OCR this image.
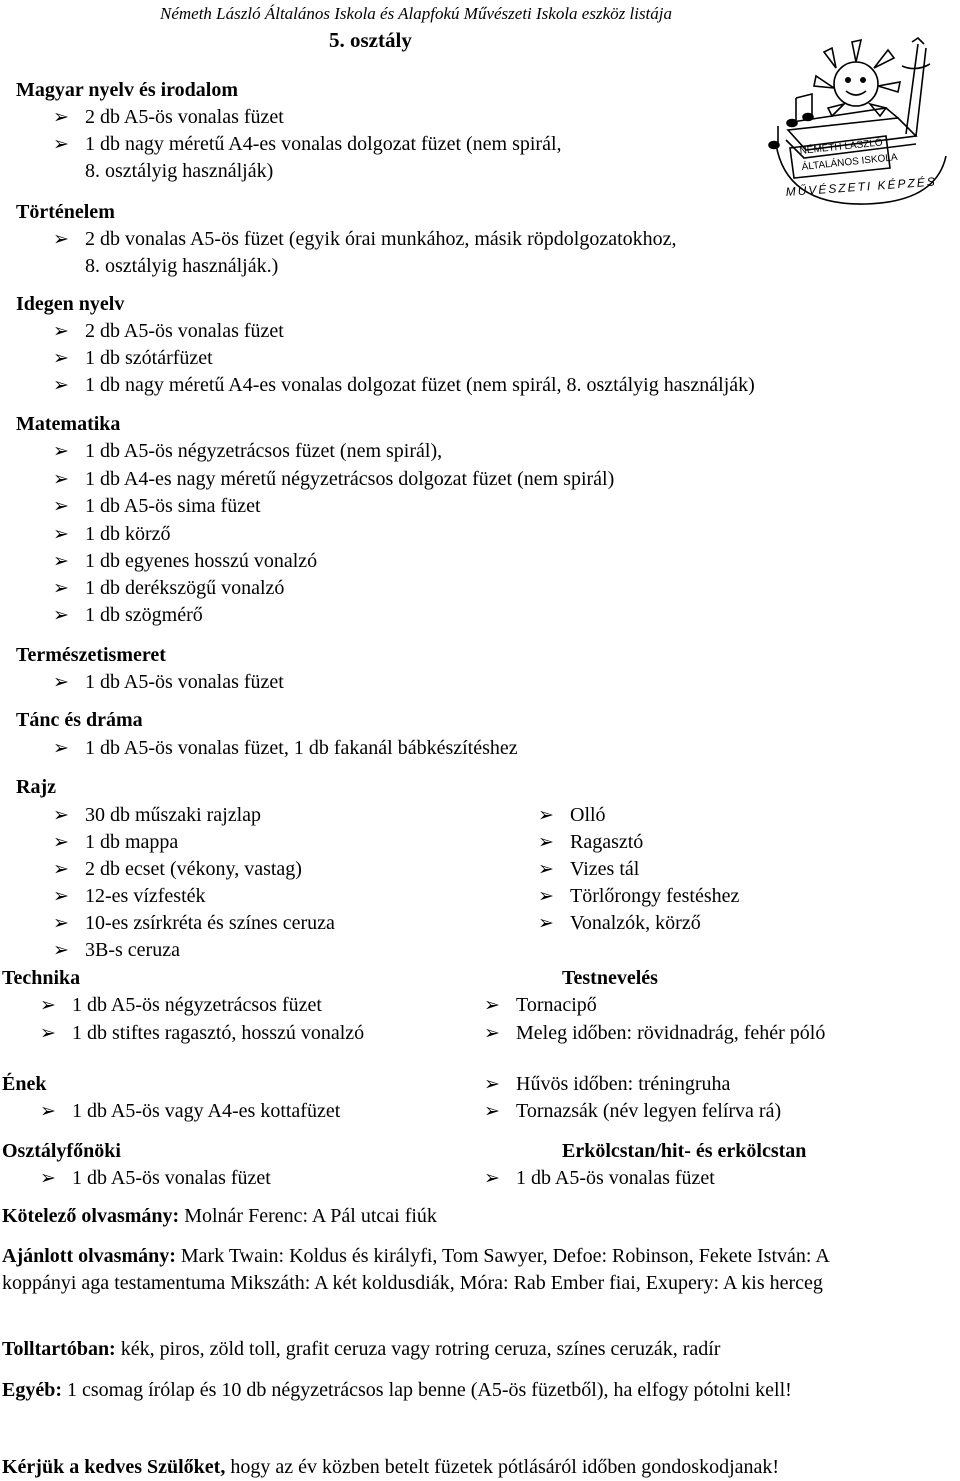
Németh László Általános Iskola és Alapfokú Művészeti Iskola eszköz listája
5. osztály
NÉMETH LÁSZLÓ
ÁLTALÁNOS ISKOLA
MŰVÉSZETI KÉPZÉS
Magyar nyelv és irodalom
➢ 2 db A5-ös vonalas füzet
➢ 1 db nagy méretű A4-es vonalas dolgozat füzet (nem spirál,
8. osztályig használják)
Történelem
➢ 2 db vonalas A5-ös füzet (egyik órai munkához, másik röpdolgozatokhoz,
8. osztályig használják.)
Idegen nyelv
➢ 2 db A5-ös vonalas füzet
➢ 1 db szótárfüzet
➢ 1 db nagy méretű A4-es vonalas dolgozat füzet (nem spirál, 8. osztályig használják)
Matematika
➢ 1 db A5-ös négyzetrácsos füzet (nem spirál),
➢ 1 db A4-es nagy méretű négyzetrácsos dolgozat füzet (nem spirál)
➢ 1 db A5-ös sima füzet
➢ 1 db körző
➢ 1 db egyenes hosszú vonalzó
➢ 1 db derékszögű vonalzó
➢ 1 db szögmérő
Természetismeret
➢ 1 db A5-ös vonalas füzet
Tánc és dráma
➢ 1 db A5-ös vonalas füzet, 1 db fakanál bábkészítéshez
Rajz
➢ 30 db műszaki rajzlap
➢ 1 db mappa
➢ 2 db ecset (vékony, vastag)
➢ 12-es vízfesték
➢ 10-es zsírkréta és színes ceruza
➢ 3B-s ceruza
➢ Olló
➢ Ragasztó
➢ Vizes tál
➢ Törlőrongy festéshez
➢ Vonalzók, körző
Technika	Testnevelés
➢ 1 db A5-ös négyzetrácsos füzet
➢ 1 db stiftes ragasztó, hosszú vonalzó
➢ Tornacipő
➢ Meleg időben: rövidnadrág, fehér póló
➢ Hűvös időben: tréningruha
➢ Tornazsák (név legyen felírva rá)
Ének
➢ 1 db A5-ös vagy A4-es kottafüzet
Osztályfőnöki	Erkölcstan/hit- és erkölcstan
➢ 1 db A5-ös vonalas füzet
➢	1 db A5-ös vonalas füzet
Kötelező olvasmány: Molnár Ferenc: A Pál utcai fiúk
Ajánlott olvasmány: Mark Twain: Koldus és királyfi, Tom Sawyer, Defoe: Robinson, Fekete István: A koppányi aga testamentuma Mikszáth: A két koldusdiák, Móra: Rab Ember fiai, Exupery: A kis herceg
Tolltartóban: kék, piros, zöld toll, grafit ceruza vagy rotring ceruza, színes ceruzák, radír
Egyéb: 1 csomag írólap és 10 db négyzetrácsos lap benne (A5-ös füzetből), ha elfogy pótolni kell!
Kérjük a kedves Szülőket, hogy az év közben betelt füzetek pótlásáról időben gondoskodjanak!
